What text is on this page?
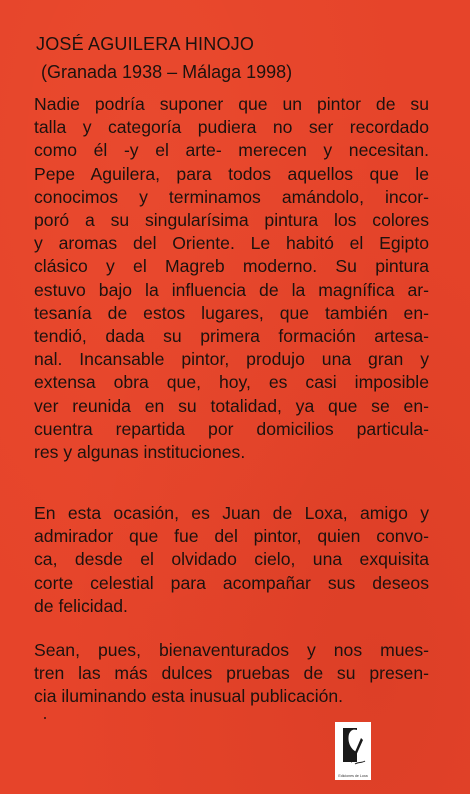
JOSÉ AGUILERA HINOJO
(Granada 1938 – Málaga 1998)
Nadie podría suponer que un pintor de su
talla y categoría pudiera no ser recordado
como él -y el arte- merecen y necesitan.
Pepe Aguilera, para todos aquellos que le
conocimos y terminamos amándolo, incor-
poró a su singularísima pintura los colores
y aromas del Oriente. Le habitó el Egipto
clásico y el Magreb moderno. Su pintura
estuvo bajo la influencia de la magnífica ar-
tesanía de estos lugares, que también en-
tendió, dada su primera formación artesa-
nal. Incansable pintor, produjo una gran y
extensa obra que, hoy, es casi imposible
ver reunida en su totalidad, ya que se en-
cuentra repartida por domicilios particula-
res y algunas instituciones.
En esta ocasión, es Juan de Loxa, amigo y
admirador que fue del pintor, quien convo-
ca, desde el olvidado cielo, una exquisita
corte celestial para acompañar sus deseos
de felicidad.
Sean, pues, bienaventurados y nos mues-
tren las más dulces pruebas de su presen-
cia iluminando esta inusual publicación.
Ediciones de Loxa
